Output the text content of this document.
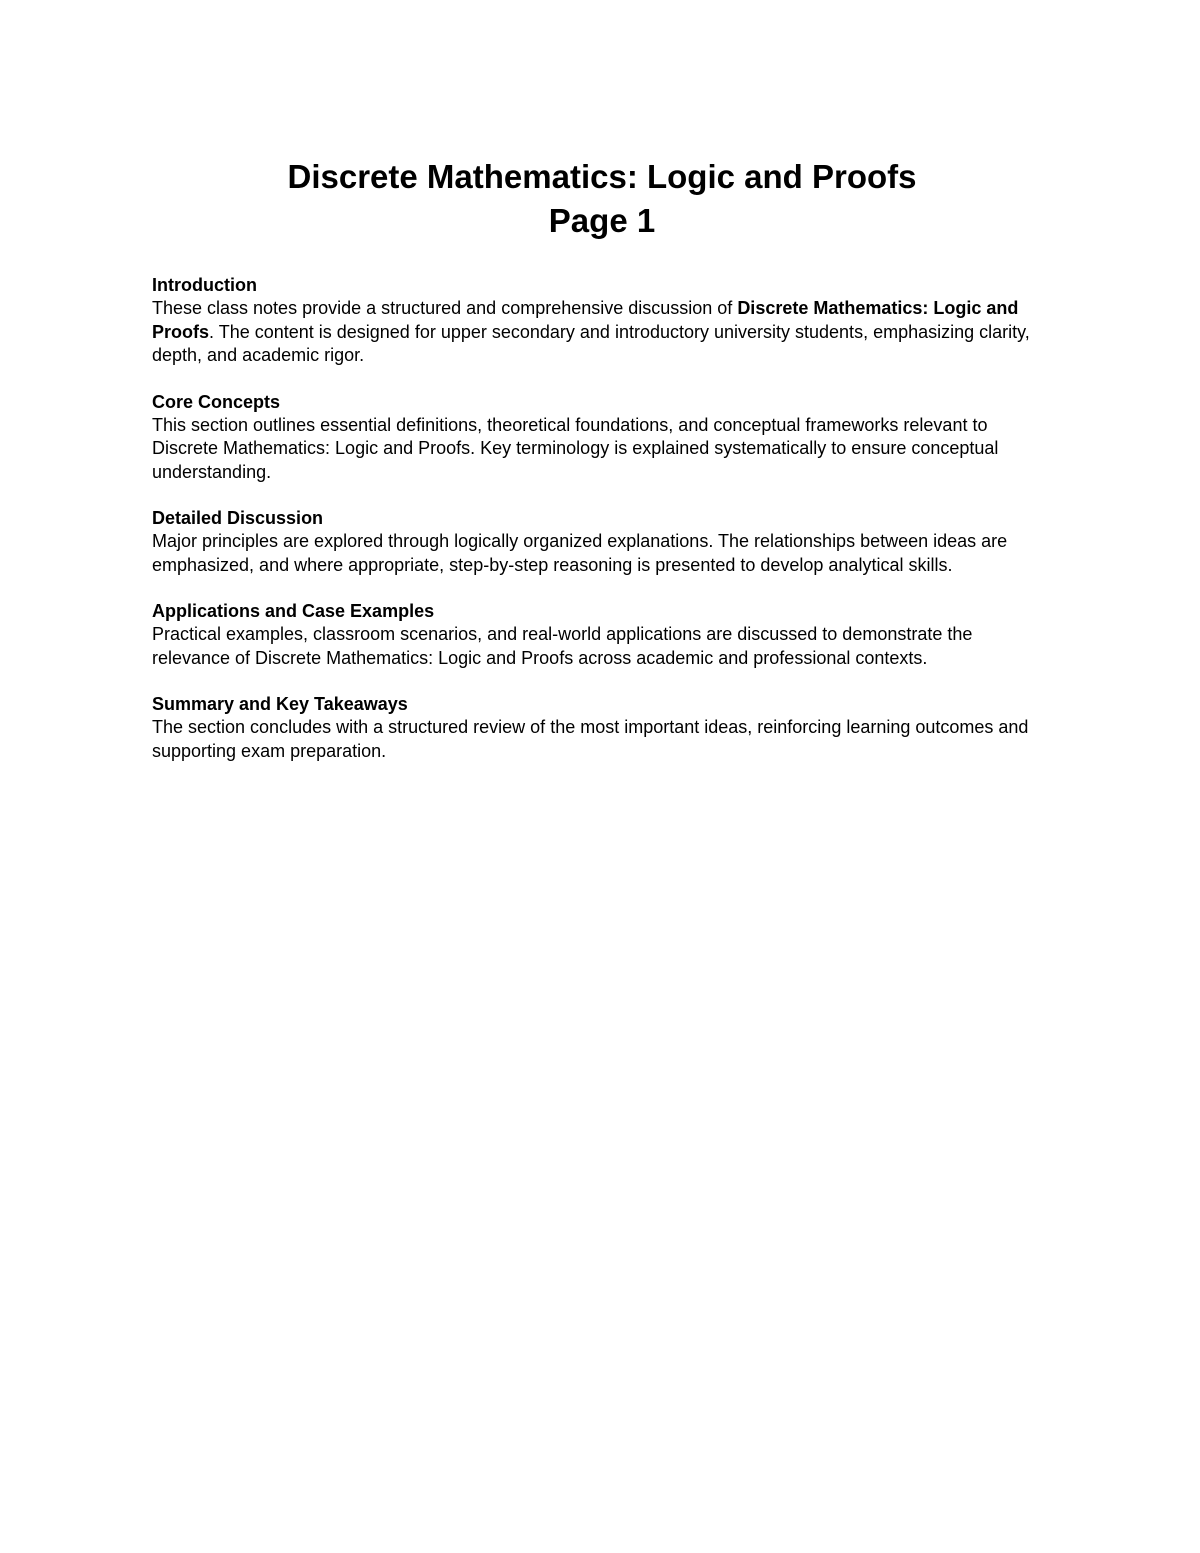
Discrete Mathematics: Logic and Proofs
Page 1
Introduction

These class notes provide a structured and comprehensive discussion of Discrete Mathematics: Logic and Proofs. The content is designed for upper secondary and introductory university students, emphasizing clarity, depth, and academic rigor.

Core Concepts

This section outlines essential definitions, theoretical foundations, and conceptual frameworks relevant to Discrete Mathematics: Logic and Proofs. Key terminology is explained systematically to ensure conceptual understanding.

Detailed Discussion

Major principles are explored through logically organized explanations. The relationships between ideas are emphasized, and where appropriate, step-by-step reasoning is presented to develop analytical skills.

Applications and Case Examples

Practical examples, classroom scenarios, and real-world applications are discussed to demonstrate the relevance of Discrete Mathematics: Logic and Proofs across academic and professional contexts.

Summary and Key Takeaways

The section concludes with a structured review of the most important ideas, reinforcing learning outcomes and supporting exam preparation.
